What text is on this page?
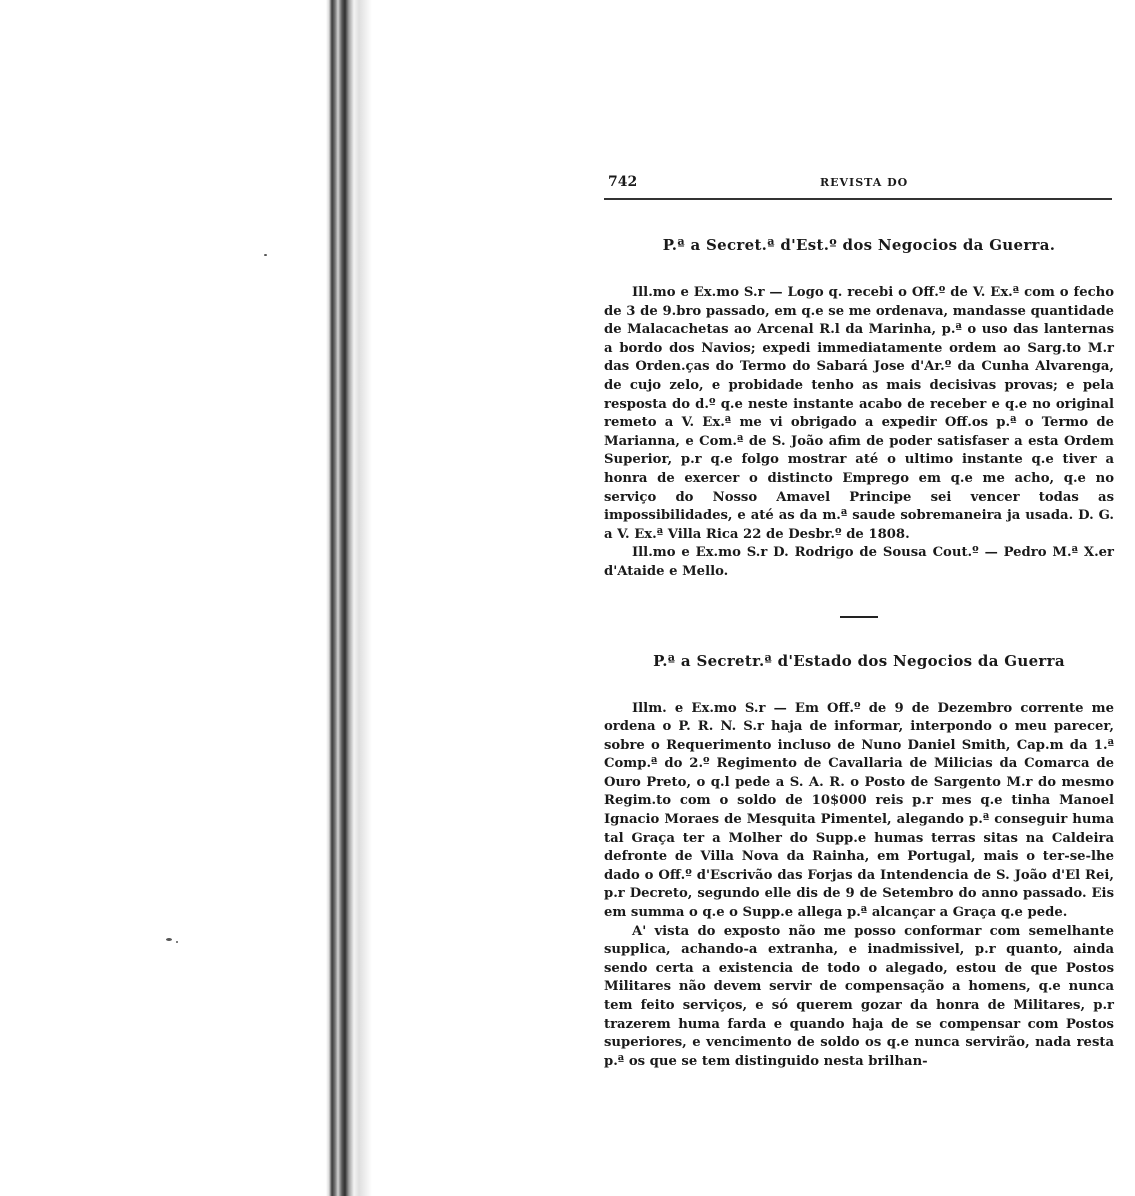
742	REVISTA DO
P.ª a Secret.ª d'Est.º dos Negocios da Guerra.

Ill.mo e Ex.mo S.r — Logo q. recebi o Off.º de V. Ex.ª com o fecho de 3 de 9.bro passado, em q.e se me ordenava, mandasse quantidade de Malacachetas ao Arcenal R.l da Marinha, p.ª o uso das lanternas a bordo dos Navios; expedi immediatamente ordem ao Sarg.to M.r das Orden.ças do Termo do Sabará Jose d'Ar.º da Cunha Alvarenga, de cujo zelo, e probidade tenho as mais decisivas provas; e pela resposta do d.º q.e neste instante acabo de receber e q.e no original remeto a V. Ex.ª me vi obrigado a expedir Off.os p.ª o Termo de Marianna, e Com.ª de S. João afim de poder satisfaser a esta Ordem Superior, p.r q.e folgo mostrar até o ultimo instante q.e tiver a honra de exercer o distincto Emprego em q.e me acho, q.e no serviço do Nosso Amavel Principe sei vencer todas as impossibilidades, e até as da m.ª saude sobremaneira ja usada. D. G. a V. Ex.ª Villa Rica 22 de Desbr.º de 1808.

Ill.mo e Ex.mo S.r D. Rodrigo de Sousa Cout.º — Pedro M.ª X.er d'Ataide e Mello.

P.ª a Secretr.ª d'Estado dos Negocios da Guerra

Illm. e Ex.mo S.r — Em Off.º de 9 de Dezembro corrente me ordena o P. R. N. S.r haja de informar, interpondo o meu parecer, sobre o Requerimento incluso de Nuno Daniel Smith, Cap.m da 1.ª Comp.ª do 2.º Regimento de Cavallaria de Milicias da Comarca de Ouro Preto, o q.l pede a S. A. R. o Posto de Sargento M.r do mesmo Regim.to com o soldo de 10$000 reis p.r mes q.e tinha Manoel Ignacio Moraes de Mesquita Pimentel, alegando p.ª conseguir huma tal Graça ter a Molher do Supp.e humas terras sitas na Caldeira defronte de Villa Nova da Rainha, em Portugal, mais o ter-se-lhe dado o Off.º d'Escrivão das Forjas da Intendencia de S. João d'El Rei, p.r Decreto, segundo elle dis de 9 de Setembro do anno passado. Eis em summa o q.e o Supp.e allega p.ª alcançar a Graça q.e pede.

A' vista do exposto não me posso conformar com semelhante supplica, achando-a extranha, e inadmissivel, p.r quanto, ainda sendo certa a existencia de todo o alegado, estou de que Postos Militares não devem servir de compensação a homens, q.e nunca tem feito serviços, e só querem gozar da honra de Militares, p.r trazerem huma farda e quando haja de se compensar com Postos superiores, e vencimento de soldo os q.e nunca servirão, nada resta p.ª os que se tem distinguido nesta brilhan-
